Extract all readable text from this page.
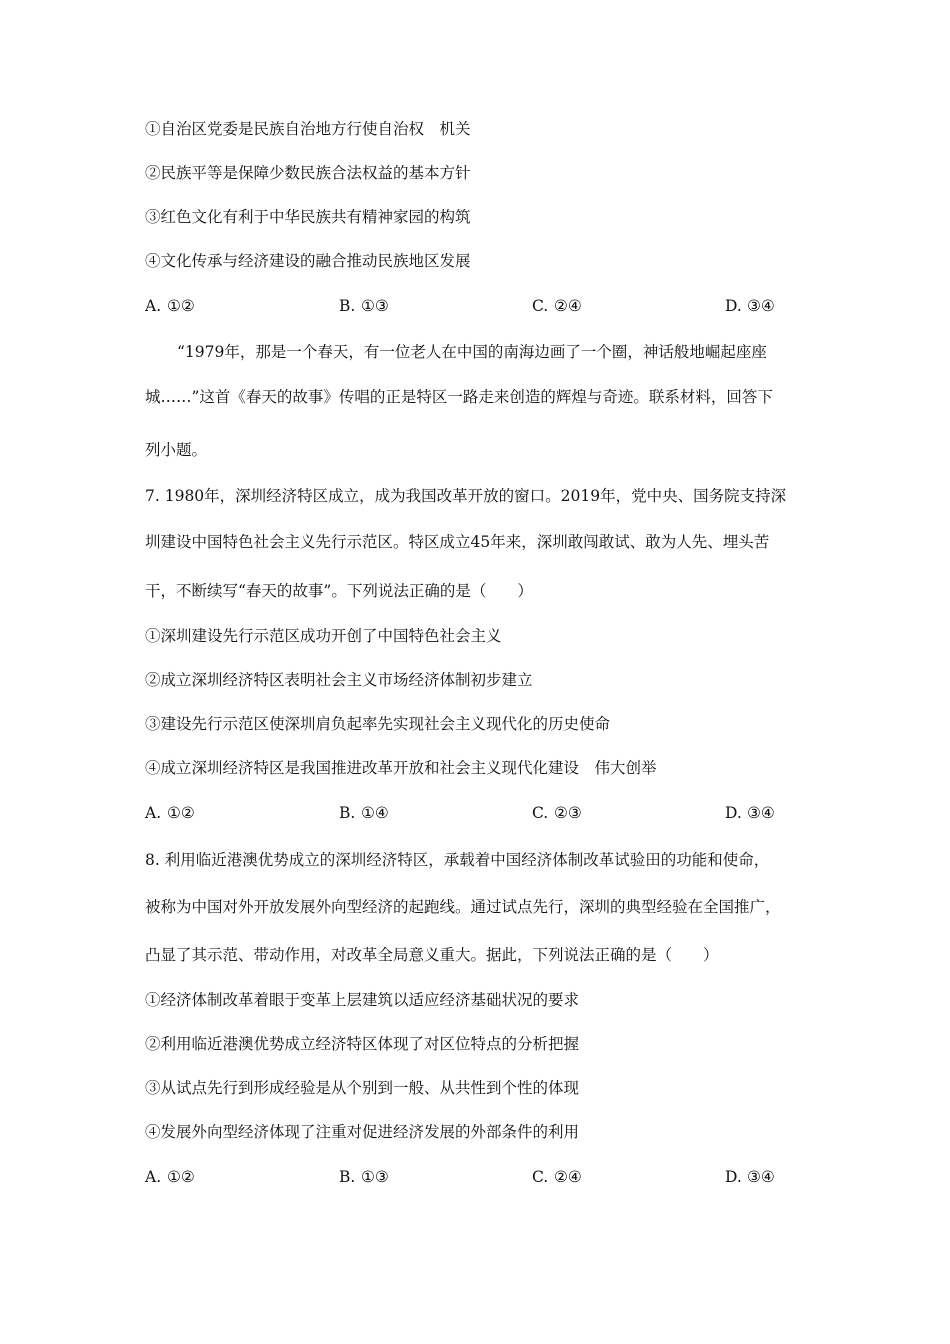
①自治区党委是民族自治地方行使自治权　机关
②民族平等是保障少数民族合法权益的基本方针
③红色文化有利于中华民族共有精神家园的构筑
④文化传承与经济建设的融合推动民族地区发展
A. ①②	B. ①③	C. ②④	D. ③④
“1979年，那是一个春天，有一位老人在中国的南海边画了一个圈，神话般地崛起座座
城……”这首《春天的故事》传唱的正是特区一路走来创造的辉煌与奇迹。联系材料，回答下
列小题。
7. 1980年，深圳经济特区成立，成为我国改革开放的窗口。2019年，党中央、国务院支持深
圳建设中国特色社会主义先行示范区。特区成立45年来，深圳敢闯敢试、敢为人先、埋头苦
干，不断续写“春天的故事”。下列说法正确的是（　　）
①深圳建设先行示范区成功开创了中国特色社会主义
②成立深圳经济特区表明社会主义市场经济体制初步建立
③建设先行示范区使深圳肩负起率先实现社会主义现代化的历史使命
④成立深圳经济特区是我国推进改革开放和社会主义现代化建设　伟大创举
A. ①②	B. ①④	C. ②③	D. ③④
8. 利用临近港澳优势成立的深圳经济特区，承载着中国经济体制改革试验田的功能和使命，
被称为中国对外开放发展外向型经济的起跑线。通过试点先行，深圳的典型经验在全国推广，
凸显了其示范、带动作用，对改革全局意义重大。据此，下列说法正确的是（　　）
①经济体制改革着眼于变革上层建筑以适应经济基础状况的要求
②利用临近港澳优势成立经济特区体现了对区位特点的分析把握
③从试点先行到形成经验是从个别到一般、从共性到个性的体现
④发展外向型经济体现了注重对促进经济发展的外部条件的利用
A. ①②	B. ①③	C. ②④	D. ③④
